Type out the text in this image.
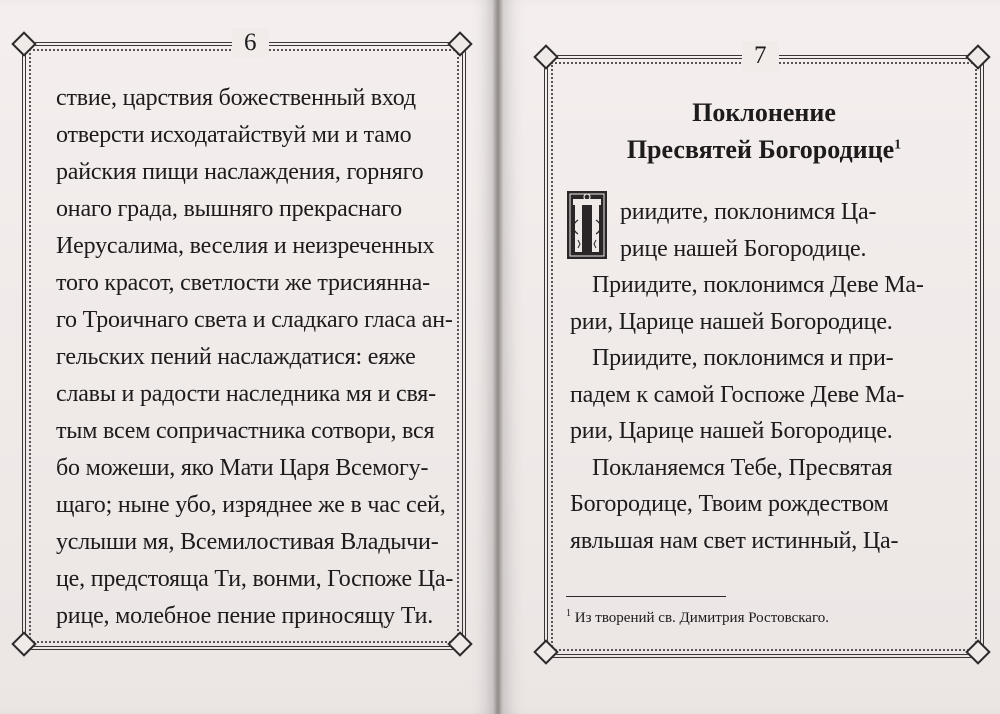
6
ствие, царствия божественный вход
отверсти исходатайствуй ми и тамо
райския пищи наслаждения, горняго
онаго града, вышняго прекраснаго
Иерусалима, веселия и неизреченных
того красот, светлости же трисиянна-
го Троичнаго света и сладкаго гласа ан-
гельских пений наслаждатися: еяже
славы и радости наследника мя и свя-
тым всем сопричастника сотвори, вся
бо можеши, яко Мати Царя Всемогу-
щаго; ныне убо, изряднее же в час сей,
услыши мя, Всемилостивая Владычи-
це, предстояща Ти, вонми, Госпоже Ца-
рице, молебное пение приносящу Ти.
7
Поклонение
Пресвятей Богородице$^1$
риидите, поклонимся Ца-
рице нашей Богородице.
Приидите, поклонимся Деве Ма-
рии, Царице нашей Богородице.
Приидите, поклонимся и при-
падем к самой Госпоже Деве Ма-
рии, Царице нашей Богородице.
Покланяемся Тебе, Пресвятая
Богородице, Твоим рождеством
явльшая нам свет истинный, Ца-
$^1$ Из творений св. Димитрия Ростовскаго.
